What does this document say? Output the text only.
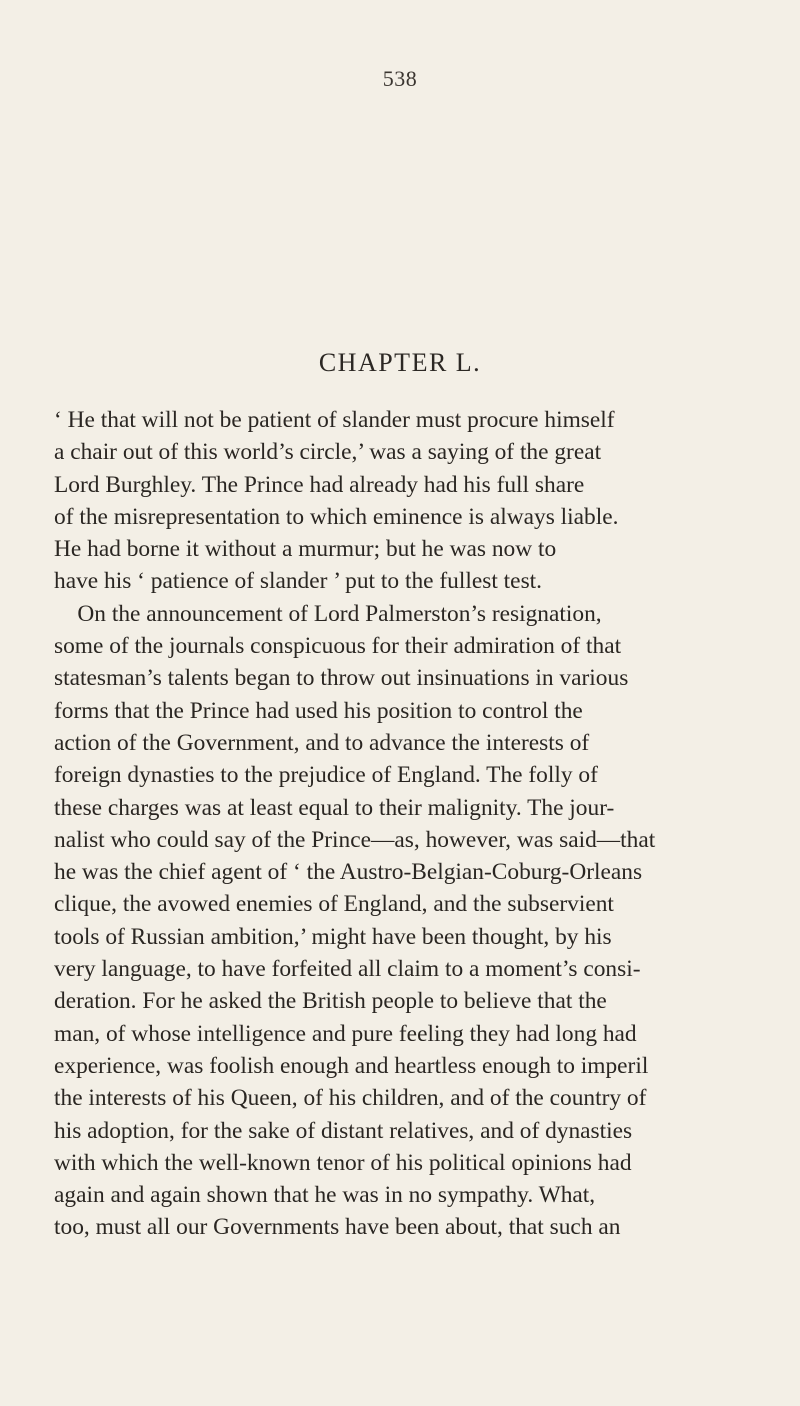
538
CHAPTER L.
‘ He that will not be patient of slander must procure himself
a chair out of this world’s circle,’ was a saying of the great
Lord Burghley. The Prince had already had his full share
of the misrepresentation to which eminence is always liable.
He had borne it without a murmur; but he was now to
have his ‘ patience of slander ’ put to the fullest test.
On the announcement of Lord Palmerston’s resignation,
some of the journals conspicuous for their admiration of that
statesman’s talents began to throw out insinuations in various
forms that the Prince had used his position to control the
action of the Government, and to advance the interests of
foreign dynasties to the prejudice of England. The folly of
these charges was at least equal to their malignity. The jour-
nalist who could say of the Prince—as, however, was said—that
he was the chief agent of ‘ the Austro-Belgian-Coburg-Orleans
clique, the avowed enemies of England, and the subservient
tools of Russian ambition,’ might have been thought, by his
very language, to have forfeited all claim to a moment’s consi-
deration. For he asked the British people to believe that the
man, of whose intelligence and pure feeling they had long had
experience, was foolish enough and heartless enough to imperil
the interests of his Queen, of his children, and of the country of
his adoption, for the sake of distant relatives, and of dynasties
with which the well-known tenor of his political opinions had
again and again shown that he was in no sympathy. What,
too, must all our Governments have been about, that such an
